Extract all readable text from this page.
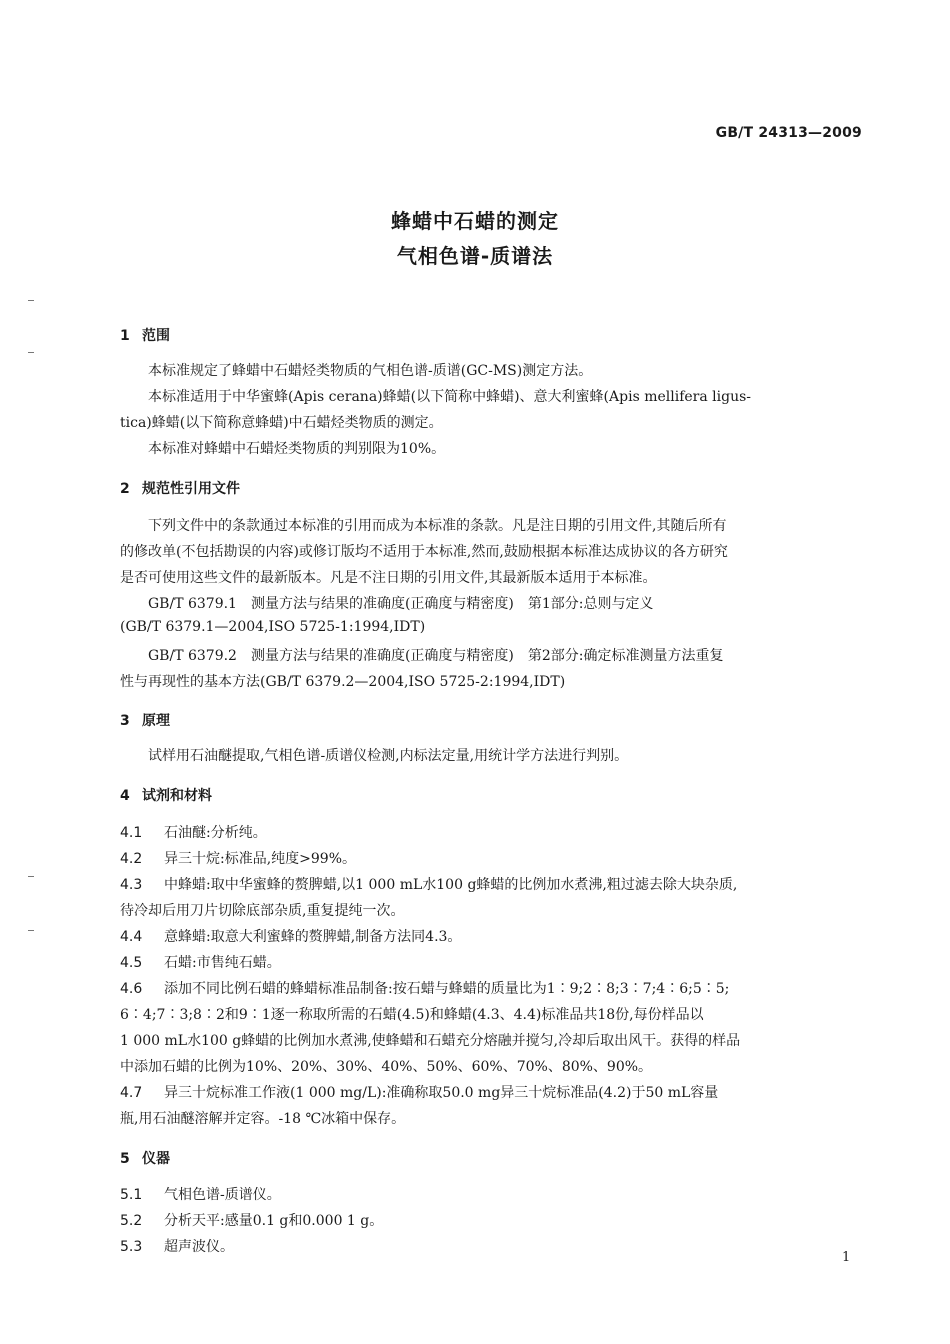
GB/T 24313—2009
蜂蜡中石蜡的测定
气相色谱-质谱法
1 范围
本标准规定了蜂蜡中石蜡烃类物质的气相色谱-质谱(GC-MS)测定方法。
本标准适用于中华蜜蜂(Apis cerana)蜂蜡(以下简称中蜂蜡)、意大利蜜蜂(Apis mellifera ligus-
tica)蜂蜡(以下简称意蜂蜡)中石蜡烃类物质的测定。
本标准对蜂蜡中石蜡烃类物质的判别限为10%。
2 规范性引用文件
下列文件中的条款通过本标准的引用而成为本标准的条款。凡是注日期的引用文件,其随后所有
的修改单(不包括勘误的内容)或修订版均不适用于本标准,然而,鼓励根据本标准达成协议的各方研究
是否可使用这些文件的最新版本。凡是不注日期的引用文件,其最新版本适用于本标准。
GB/T 6379.1　测量方法与结果的准确度(正确度与精密度)　第1部分:总则与定义
(GB/T 6379.1—2004,ISO 5725-1:1994,IDT)
GB/T 6379.2　测量方法与结果的准确度(正确度与精密度)　第2部分:确定标准测量方法重复
性与再现性的基本方法(GB/T 6379.2—2004,ISO 5725-2:1994,IDT)
3 原理
试样用石油醚提取,气相色谱-质谱仪检测,内标法定量,用统计学方法进行判别。
4 试剂和材料
4.1 石油醚:分析纯。
4.2 异三十烷:标准品,纯度>99%。
4.3 中蜂蜡:取中华蜜蜂的赘脾蜡,以1 000 mL水100 g蜂蜡的比例加水煮沸,粗过滤去除大块杂质,
待冷却后用刀片切除底部杂质,重复提纯一次。
4.4 意蜂蜡:取意大利蜜蜂的赘脾蜡,制备方法同4.3。
4.5 石蜡:市售纯石蜡。
4.6 添加不同比例石蜡的蜂蜡标准品制备:按石蜡与蜂蜡的质量比为1∶9;2∶8;3∶7;4∶6;5∶5;
6∶4;7∶3;8∶2和9∶1逐一称取所需的石蜡(4.5)和蜂蜡(4.3、4.4)标准品共18份,每份样品以
1 000 mL水100 g蜂蜡的比例加水煮沸,使蜂蜡和石蜡充分熔融并搅匀,冷却后取出风干。获得的样品
中添加石蜡的比例为10%、20%、30%、40%、50%、60%、70%、80%、90%。
4.7 异三十烷标准工作液(1 000 mg/L):准确称取50.0 mg异三十烷标准品(4.2)于50 mL容量
瓶,用石油醚溶解并定容。-18 ℃冰箱中保存。
5 仪器
5.1 气相色谱-质谱仪。
5.2 分析天平:感量0.1 g和0.000 1 g。
5.3 超声波仪。
1
